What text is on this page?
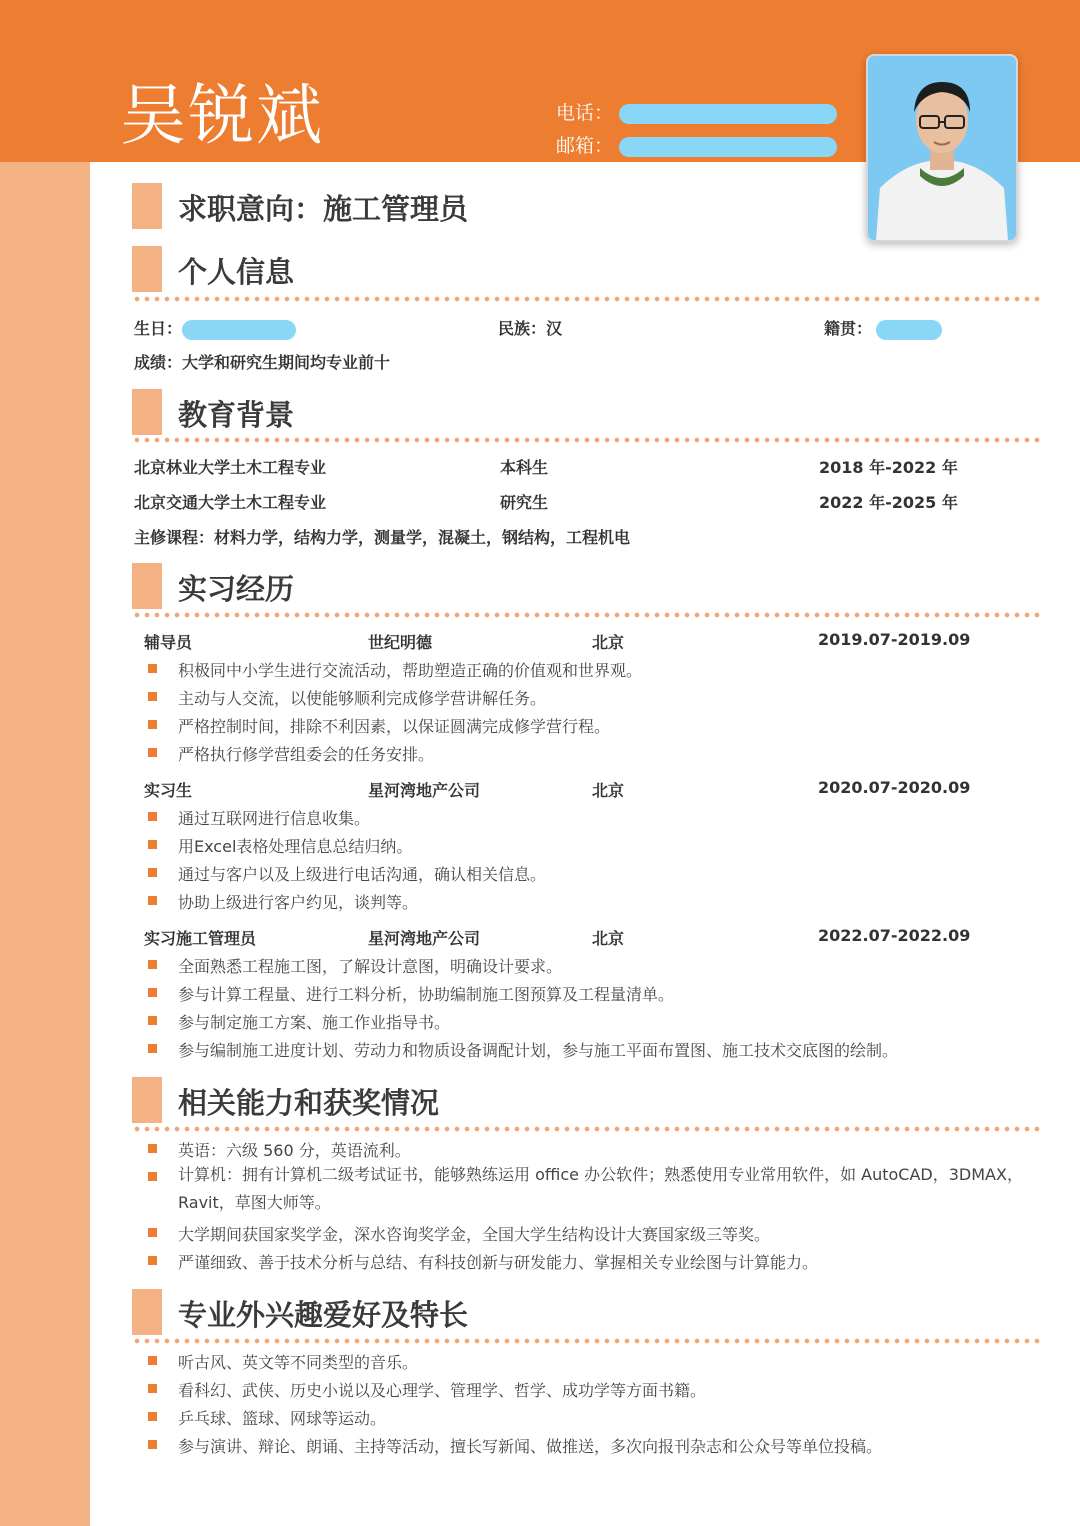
吴锐斌	电话：
邮箱：
求职意向：施工管理员
个人信息
生日：	民族：汉	籍贯：
成绩：大学和研究生期间均专业前十
教育背景
北京林业大学土木工程专业	本科生	2018 年-2022 年
北京交通大学土木工程专业	研究生	2022 年-2025 年
主修课程：材料力学，结构力学，测量学，混凝土，钢结构，工程机电
实习经历
辅导员	世纪明德	北京	2019.07-2019.09
积极同中小学生进行交流活动，帮助塑造正确的价值观和世界观。
主动与人交流，以使能够顺利完成修学营讲解任务。
严格控制时间，排除不利因素，以保证圆满完成修学营行程。
严格执行修学营组委会的任务安排。
实习生	星河湾地产公司	北京	2020.07-2020.09
通过互联网进行信息收集。
用Excel表格处理信息总结归纳。
通过与客户以及上级进行电话沟通，确认相关信息。
协助上级进行客户约见，谈判等。
实习施工管理员	星河湾地产公司	北京	2022.07-2022.09
全面熟悉工程施工图，了解设计意图，明确设计要求。
参与计算工程量、进行工料分析，协助编制施工图预算及工程量清单。
参与制定施工方案、施工作业指导书。
参与编制施工进度计划、劳动力和物质设备调配计划，参与施工平面布置图、施工技术交底图的绘制。
相关能力和获奖情况
英语：六级 560 分，英语流利。
计算机：拥有计算机二级考试证书，能够熟练运用 office 办公软件；熟悉使用专业常用软件，如 AutoCAD，3DMAX，Ravit，草图大师等。
大学期间获国家奖学金，深水咨询奖学金，全国大学生结构设计大赛国家级三等奖。
严谨细致、善于技术分析与总结、有科技创新与研发能力、掌握相关专业绘图与计算能力。
专业外兴趣爱好及特长
听古风、英文等不同类型的音乐。
看科幻、武侠、历史小说以及心理学、管理学、哲学、成功学等方面书籍。
乒乓球、篮球、网球等运动。
参与演讲、辩论、朗诵、主持等活动，擅长写新闻、做推送，多次向报刊杂志和公众号等单位投稿。
